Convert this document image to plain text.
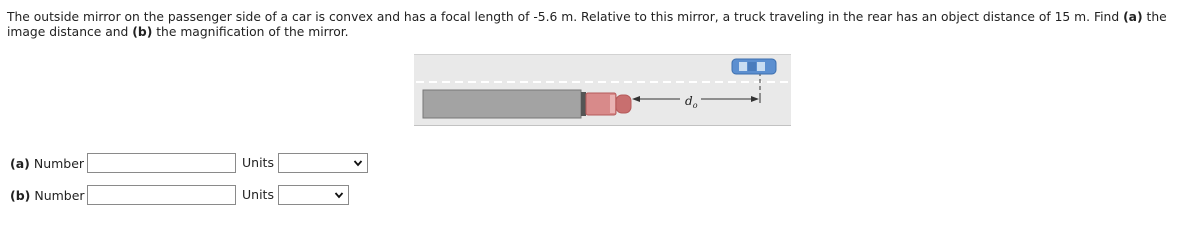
The outside mirror on the passenger side of a car is convex and has a focal length of -5.6 m. Relative to this mirror, a truck traveling in the rear has an object distance of 15 m. Find (a) the image distance and (b) the magnification of the mirror.

$d_o$
(a) Number	Units
(b) Number	Units
